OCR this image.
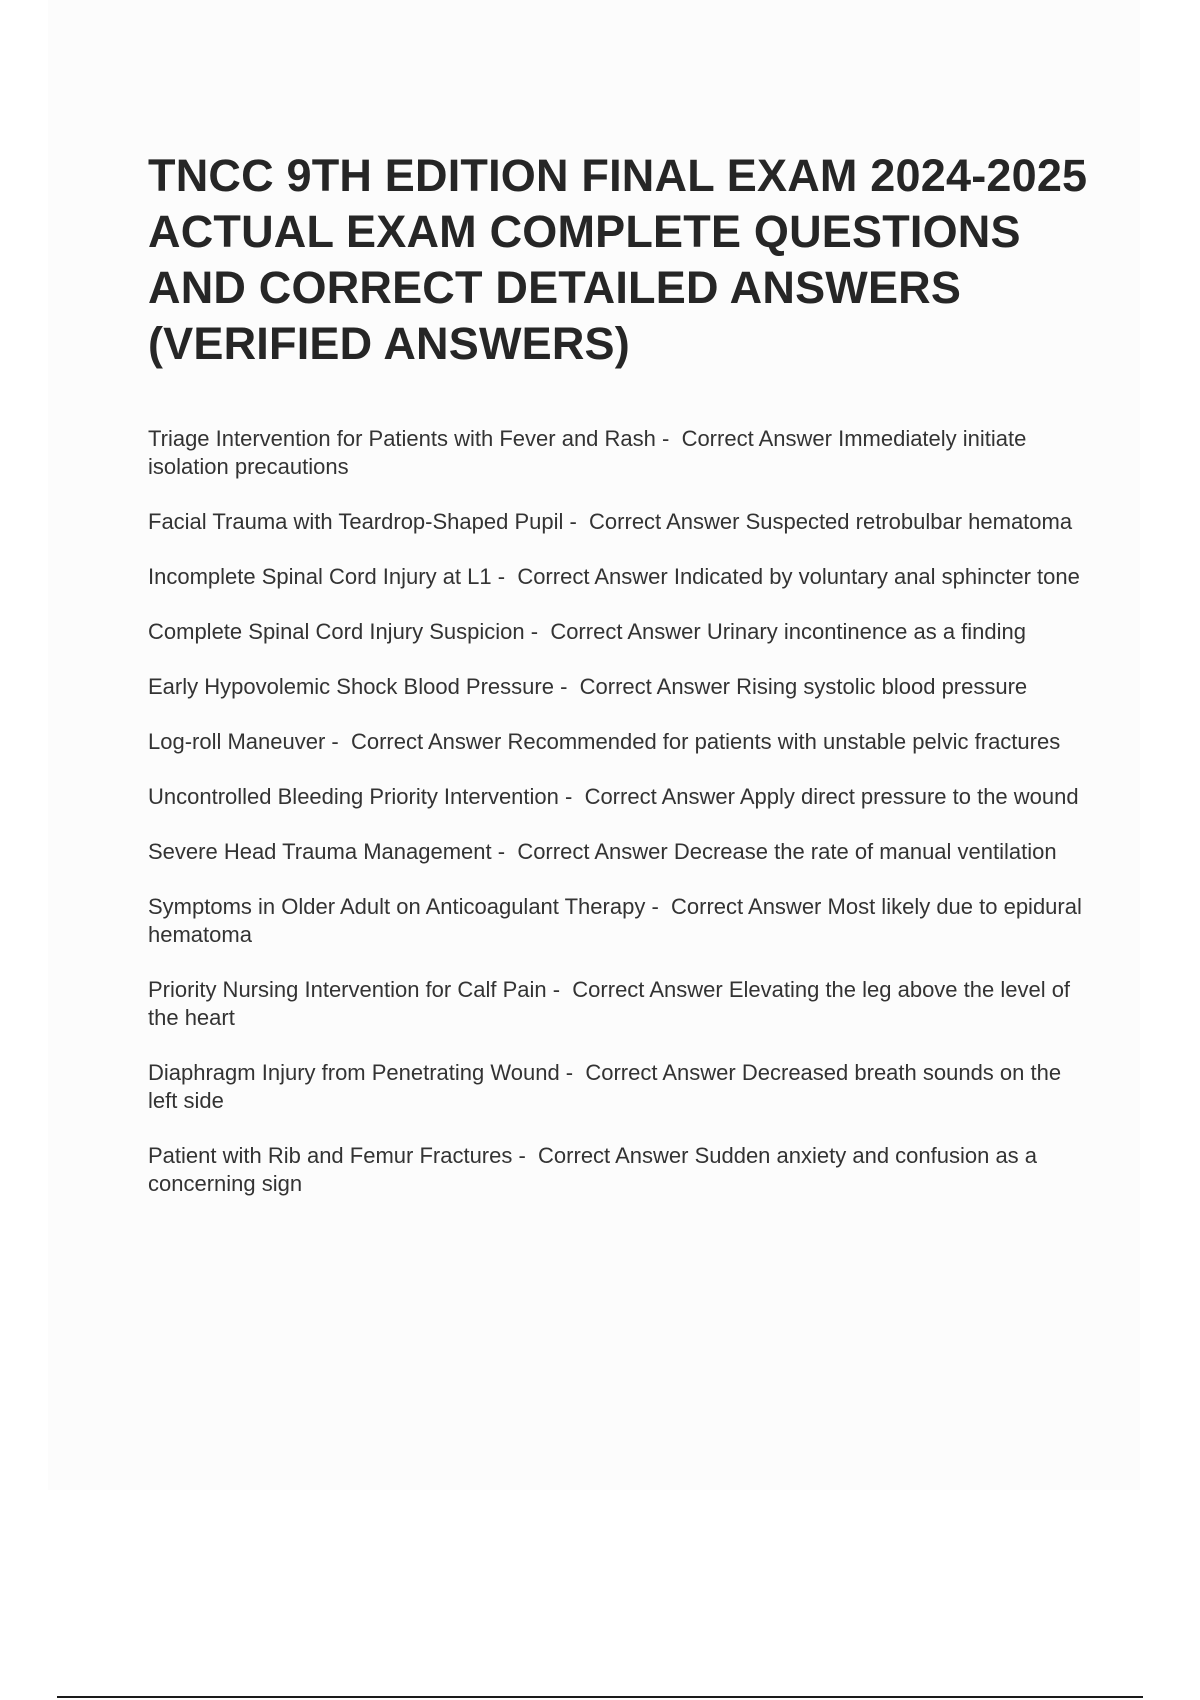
TNCC 9TH EDITION FINAL EXAM 2024-2025 ACTUAL EXAM COMPLETE QUESTIONS AND CORRECT DETAILED ANSWERS (VERIFIED ANSWERS)
Triage Intervention for Patients with Fever and Rash -  Correct Answer Immediately initiate isolation precautions
Facial Trauma with Teardrop-Shaped Pupil -  Correct Answer Suspected retrobulbar hematoma
Incomplete Spinal Cord Injury at L1 -  Correct Answer Indicated by voluntary anal sphincter tone
Complete Spinal Cord Injury Suspicion -  Correct Answer Urinary incontinence as a finding
Early Hypovolemic Shock Blood Pressure -  Correct Answer Rising systolic blood pressure
Log-roll Maneuver -  Correct Answer Recommended for patients with unstable pelvic fractures
Uncontrolled Bleeding Priority Intervention -  Correct Answer Apply direct pressure to the wound
Severe Head Trauma Management -  Correct Answer Decrease the rate of manual ventilation
Symptoms in Older Adult on Anticoagulant Therapy -  Correct Answer Most likely due to epidural hematoma
Priority Nursing Intervention for Calf Pain -  Correct Answer Elevating the leg above the level of the heart
Diaphragm Injury from Penetrating Wound -  Correct Answer Decreased breath sounds on the left side
Patient with Rib and Femur Fractures -  Correct Answer Sudden anxiety and confusion as a concerning sign
